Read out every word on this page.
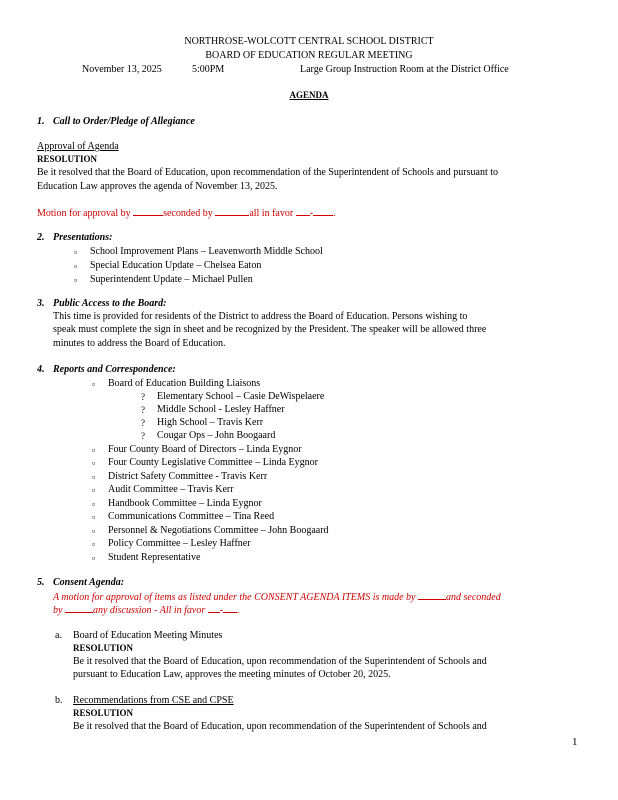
NORTHROSE-WOLCOTT CENTRAL SCHOOL DISTRICT
BOARD OF EDUCATION REGULAR MEETING
November 13, 2025	5:00PM	Large Group Instruction Room at the District Office
AGENDA
1. Call to Order/Pledge of Allegiance
Approval of Agenda
RESOLUTION
Be it resolved that the Board of Education, upon recommendation of the Superintendent of Schools and pursuant to
Education Law approves the agenda of November 13, 2025.
Motion for approval by	seconded by	all in favor - .
2. Presentations:
▫ School Improvement Plans – Leavenworth Middle School
▫ Special Education Update – Chelsea Eaton
▫ Superintendent Update – Michael Pullen
3. Public Access to the Board:
This time is provided for residents of the District to address the Board of Education. Persons wishing to
speak must complete the sign in sheet and be recognized by the President. The speaker will be allowed three
minutes to address the Board of Education.
4. Reports and Correspondence:
▫ Board of Education Building Liaisons
? Elementary School – Casie DeWispelaere
? Middle School - Lesley Haffner
? High School – Travis Kerr
? Cougar Ops – John Boogaard
▫ Four County Board of Directors – Linda Eygnor
▫ Four County Legislative Committee – Linda Eygnor
▫ District Safety Committee - Travis Kerr
▫ Audit Committee – Travis Kerr
▫ Handbook Committee – Linda Eygnor
▫ Communications Committee – Tina Reed
▫ Personnel & Negotiations Committee – John Boogaard
▫ Policy Committee – Lesley Haffner
▫ Student Representative
5. Consent Agenda:
A motion for approval of items as listed under the CONSENT AGENDA ITEMS is made by	and seconded
by	any discussion - All in favor - .
a. Board of Education Meeting Minutes
RESOLUTION
Be it resolved that the Board of Education, upon recommendation of the Superintendent of Schools and
pursuant to Education Law, approves the meeting minutes of October 20, 2025.
b. Recommendations from CSE and CPSE
RESOLUTION
Be it resolved that the Board of Education, upon recommendation of the Superintendent of Schools and
1
